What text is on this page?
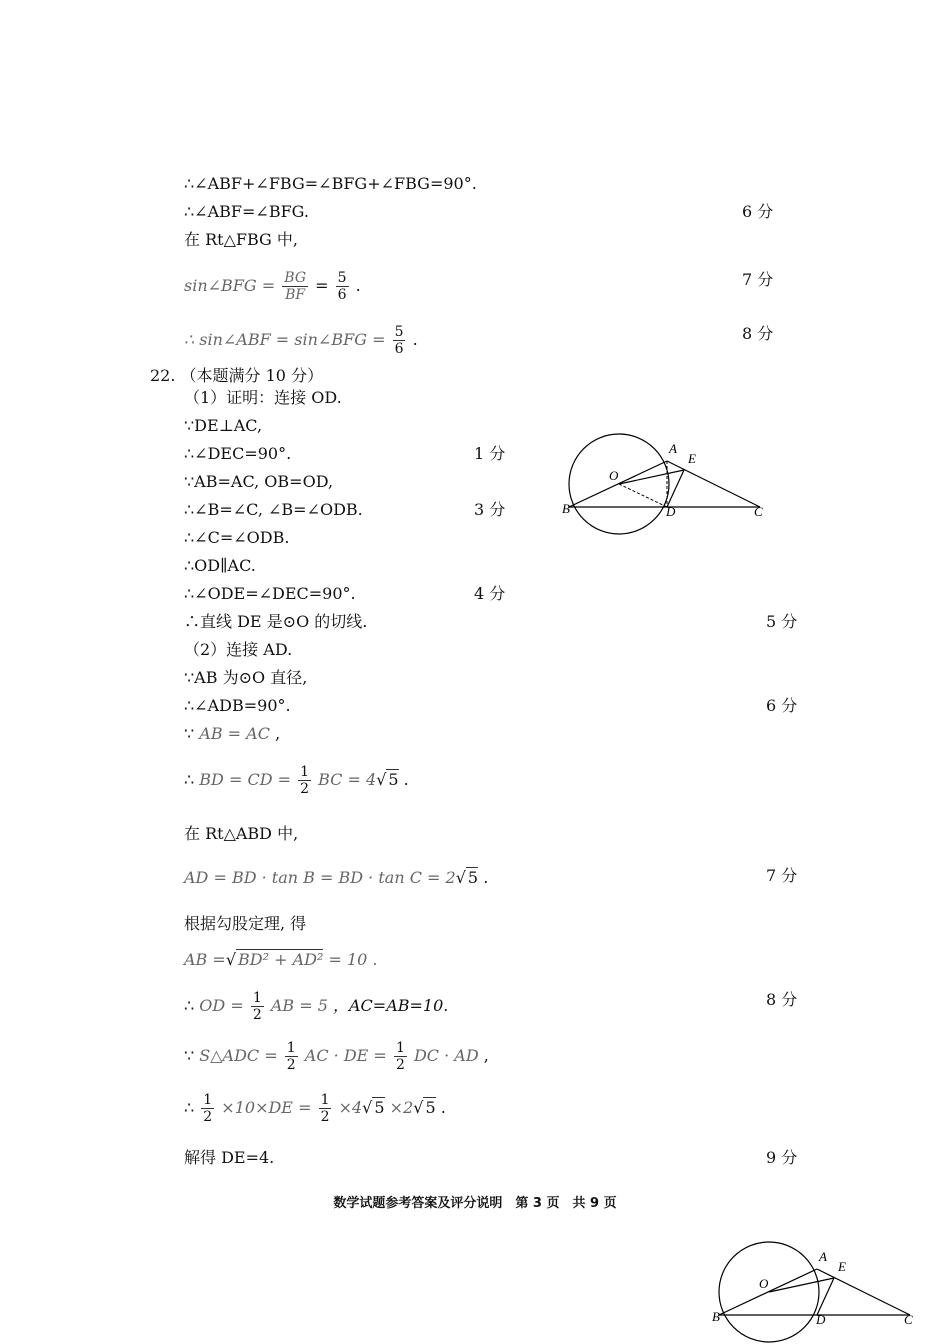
∴∠ABF+∠FBG=∠BFG+∠FBG=90°.
∴∠ABF=∠BFG.	6 分
在 Rt△FBG 中,
sin∠BFG = $\frac{BG}{BF} = \frac{5}{6}$ .	7 分
∴ sin∠ABF = sin∠BFG = $\frac{5}{6}$ .	8 分
22. （本题满分 10 分）
（1）证明：连接 OD.
∵DE⊥AC,
∴∠DEC=90°.	1 分
∵AB=AC, OB=OD,
∴∠B=∠C, ∠B=∠ODB.	3 分
∴∠C=∠ODB.
∴OD∥AC.
∴∠ODE=∠DEC=90°.	4 分
∴直线 DE 是⊙O 的切线.	5 分
（2）连接 AD.
∵AB 为⊙O 直径,
∴∠ADB=90°.	6 分
∵ AB = AC ,
∴ BD = CD = $\frac{1}{2}$ BC = 4√ 5 .
在 Rt△ABD 中,
AD = BD · tan B = BD · tan C = 2√ 5 .	7 分
根据勾股定理, 得
AB =√ BD² + AD² = 10 .
∴ OD = $\frac{1}{2}$ AB = 5 ，AC=AB=10.	8 分
∵ S△ADC = $\frac{1}{2}$ AC · DE = $\frac{1}{2}$ DC · AD ,
∴ $\frac{1}{2} \times 10\times DE = \frac{1}{2} \times 4√$ 5 ×2√ 5 .
解得 DE=4.	9 分
数学试题参考答案及评分说明　第 3 页　共 9 页
A
E
O
B	D	C
A
E
O
B	D	C
